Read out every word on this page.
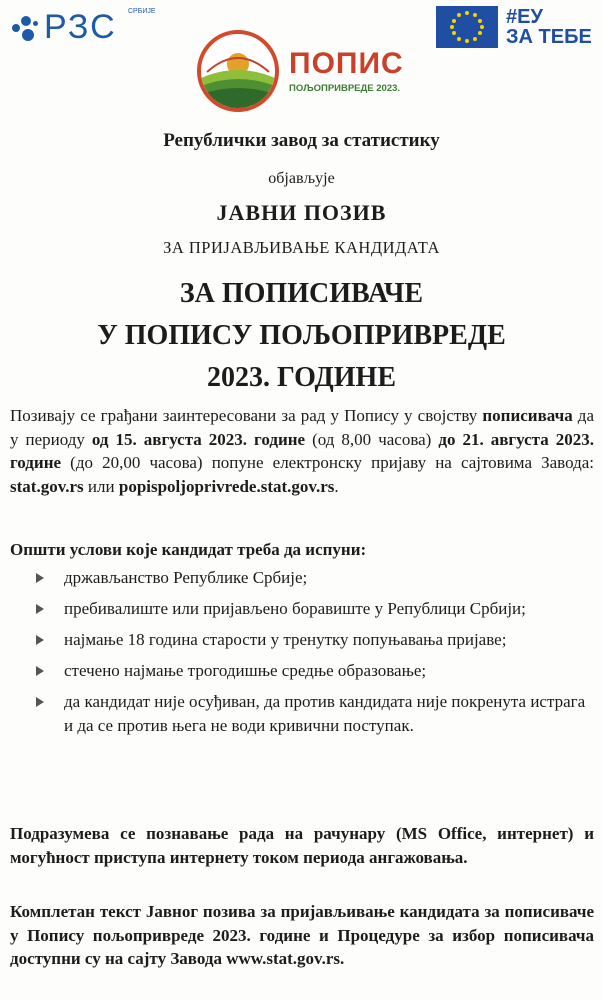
РЗС СРБИЈЕ
ПОПИС
ПОЉОПРИВРЕДЕ 2023.
#ЕУ
ЗА ТЕБЕ
Републички завод за статистику
објављује
ЈАВНИ ПОЗИВ
ЗА ПРИЈАВЉИВАЊЕ КАНДИДАТА
ЗА ПОПИСИВАЧЕ
У ПОПИСУ ПОЉОПРИВРЕДЕ
2023. ГОДИНЕ
Позивају се грађани заинтересовани за рад у Попису у својству пописивача да у периоду од 15. августа 2023. године (од 8,00 часова) до 21. августа 2023. године (до 20,00 часова) попуне електронску пријаву на сајтовима Завода: stat.gov.rs или popispoljoprivrede.stat.gov.rs.
Општи услови које кандидат треба да испуни:
држављанство Републике Србије;
пребивалиште или пријављено боравиште у Републици Србији;
најмање 18 година старости у тренутку попуњавања пријаве;
стечено најмање трогодишње средње образовање;
да кандидат није осуђиван, да против кандидата није покренута истрага и да се против њега не води кривични поступак.
Подразумева се познавање рада на рачунару (MS Office, интернет) и могућност приступа интернету током периода ангажовања.
Комплетан текст Јавног позива за пријављивање кандидата за пописиваче у Попису пољопривреде 2023. године и Процедуре за избор пописивача доступни су на сајту Завода www.stat.gov.rs.
